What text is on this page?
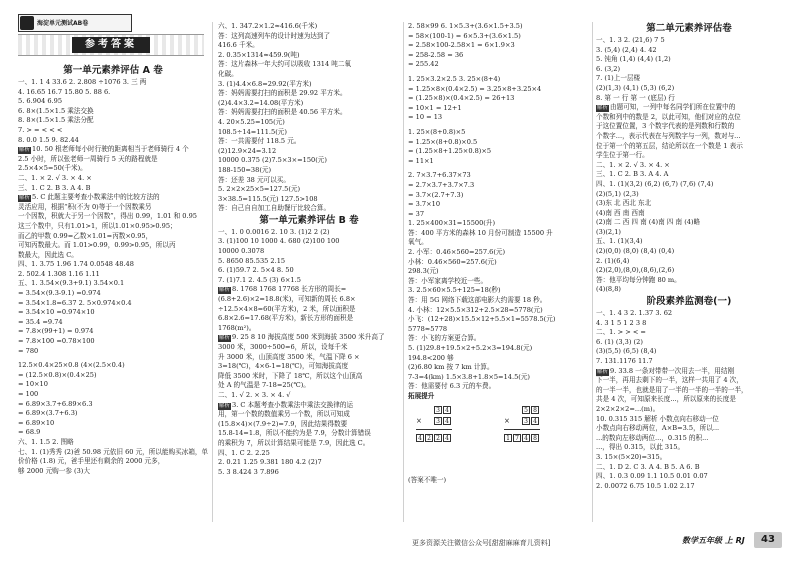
海淀单元测试AB卷
参考答案
第一单元素养评估 A 卷
一、1. 1 4 33.6 2. 2.808 ÷1076 3. 三 两
4. 16.65 16.7 15.80 5. 88 6.
5. 6.904 6.95
6. 8×(1.5×1.5 乘法交换
8. 8×(1.5×1.5 乘法分配
7. > = < < <
8. 0.0 1.5 9. 82.44
解析 10. 50 根老师每小时行驶的距离相当于老师骑行 4 个
2.5 小时，所以张老师一周骑行 5 天的路程就是
2.5×4×5=50(千米)。
二、1. × 2. √ 3. × 4. ×
三、1. C 2. B 3. A 4. B
解析 5. C 此题主要考查小数乘法中的比较方法的
灵活应用，根据“积(不为 0)等于一个因数乘另
一个因数，积就大于另一个因数”，得出 0.99，1.01 和 0.95
这三个数中，只有1.01>1，所以1.01×0.95>0.95；
而乙的甲数 0.99=乙数×1.01=丙数×0.95，
可知丙数最大。而 1.01>0.99，0.99>0.95，所以丙
数最大，因此选 C。
四、1. 3.75 1.96 1.74 0.0548 48.48
2. 502.4 1.308 1.16 1.11
五、1. 3.54×(9.3+9.1) 3.54×0.1
= 3.54×(9.3-9.1) =0.974
= 3.54×1.8=6.37 2. 5×0.974×0.4
= 3.54×10 =0.974×10
= 35.4 =9.74
= 7.8×(99+1) = 0.974
= 7.8×100 =0.78×100
= 780
12.5×0.4×25×0.8 (4×(2.5×0.4)
= (12.5×0.8)×(0.4×25)
= 10×10
= 100
= 6.89×3.7+6.89×6.3
= 6.89×(3.7+6.3)
= 6.89×10
= 68.9
六、1. 1.5 2. 图略
七、1. (1)秀秀 (2)爸 50.98 元依旧 60 元，所以能购买冰箱，单
价价格 (1.8) 元，爸手里还有剩余的 2000 元多，
够 2000 元购一参 (3)大
六、1. 347.2×1.2≈416.6(千米)
答：这列高速列车的设计时速为达到了
416.6 千米。
2. 0.35×1314≈459.9(吨)
答：这片森林一年大约可以吸收 1314 吨二氧
化碳。
3. (1)4.4×6.8=29.92(平方米)
答：妈妈需要打扫的面积是 29.92 平方米。
(2)4.4×3.2=14.08(平方米)
答：妈妈需要打扫的面积是 40.56 平方米。
4. 20×5.25=105(元)
108.5÷14=111.5(元)
答：一共需要付 118.5 元。
(2)12.9×24=3.12
10000 0.375 (2)7.5×3×=150(元)
188-150=38(元)
答：还差 38 元可以买。
5. 2×2×25×5=127.5(元)
3×38.5=115.5(元) 127.5>108
答：自己自自加工自助餐厅比较合算。
第一单元素养评估 B 卷
一、1. 0 0.0016 2. 10 3. (1)2 2 (2)
3. (1)100 10 1000 4. 680 (2)100 100
10000 0.3078
5. 8650 85.535 2.15
6. (1)59.7 2. 5×4 8. 50
7. (1)7.1 2. 4.5 (3) 6×1.5
解析 8. 1768 1768 17768 长方形的周长=
(6.8+2.6)×2=18.8(米)，可知新的周长 6.8×
÷12.5×4×8=60(平方米)，2 米，所以面积是
6.8×2.6=17.68(平方米)，新长方形的面积是
1768(m²)。
解析 9. 25 8 10 海拔高度 500 米到海拔 3500 米升高了
3000 米，3000÷500=6，所以，设每千米
升 3000 米，山顶高度 3500 米，气温下降 6 ×
3=18(℃)，4×6-1=18(℃)，可知海拔高度
降低 3500 米时，下降了 18℃，所以这个山顶高
处 A 的气温是 7-18=25(℃)。
二、1. √ 2. × 3. × 4. √
解析 3. C 本题考查小数乘法中乘法交换律的运
用，第一个数的数值乘另一个数，所以可知成
(15.8×4)×(7.9÷2)=7.9，因此结果得数要
15.8-14=1.8，所以不能约为是 7.9，分数计算错误
的乘积为 7，所以计算结果可能是 7.9，因此选 C。
四、1. C 2. 2.25
2. 0.21 1.25 9.381 180 4.2 (2)7
5. 3 8.424 3 7.896
2. 58×99 6. 1×5.3+(3.6×1.5+3.5)
= 58×(100-1) = 6×5.3+(3.6×1.5)
= 2.58×100-2.58×1 = 6×1.9×3
= 258-2.58 = 36
= 255.42
1. 25×3.2×2.5 3. 25×(8+4)
= 1.25×8×(0.4×2.5) = 3.25×8+3.25×4
= (1.25×8)×(0.4×2.5) = 26+13
= 10×1 = 12+1
= 10 = 13
1. 25×(8+0.8)×5
= 1.25×(8+0.8)×0.5
= (1.25×8+1.25×0.8)×5
= 11×1
2. 7×3.7+6.37×73
= 2.7×3.7+3.7×7.3
= 3.7×(2.7+7.3)
= 3.7×10
= 37
1. 25×400×31=15500(升)
答：400 平方米的森林 10 月份可制造 15500 升
氧气。
2. 小军：0.46×560=257.6(元)
小林：0.46×560=257.6(元)
298.3(元)
答：小军家离学校近一些。
3. 2.5×60×5.5+125=18(秒)
答：用 5G 网络下载这部电影大约需要 18 秒。
4. 小林：12×5.5×312+2.5×28=5778(元)
小飞：(12+28)×15.5×12+5.5×1=5578.5(元)
5778≈5778
答：小飞的方案更合算。
5. (1)29.8+19.5×2+5.2×3=194.8(元)
194.8<200 够
(2)6.80 km 按 7 km 计算。
7-3=4(km) 1.5×3.8+1.8×5=14.5(元)
答：他需要付 6.3 元的车费。
拓展提升
3 4
3 4
4 2 2 4
×
5 8
3 4
1 7 4 8
×
(答案不唯一)
第二单元素养评估卷
一、1. 3 2. (21,6) 7 5
3. (5,4) (2,4) 4. 42
5. 钝角 (1,4) (4,4) (1,2)
6. (3,2)
7. (1)上一层楼
(2)(1,3) (4,1) (5,3) (6,2)
8. 第 一 行 第 一 (底层) 行
解析 由题可知，一列中每名同学们所在位置中的
个数和列中的数是 2，以此可知，他们对应的点位
于这位置位置，3 个数字代表的是列数和行数的
个数字...，表示代表在与列数字与一列，数对与...
位于第一个的第五层，结论所以在一个数是 1 表示
学生位于第一行。
二、1. × 2. √ 3. × 4. ×
三、1. C 2. B 3. A 4. A
四、1. (1)(3,2) (6,2) (6,7) (7,6) (7,4)
(2)(5,1) (2,3)
(3)东 北 西北 东北
(4)南 西 南 西南
(2)南 二 西 四 南 (4)南 四 南 (4)略
(3)(2,1)
五、1. (1)(3,4)
(2)(0,0) (8,0) (8,4) (0,4)
2. (1)(6,4)
(2)(2,0),(8,0),(8,6),(2,6)
答：他平均每分钟跑 80 m。
(4)(8,8)
阶段素养监测卷(一)
一、1. 4 3 2. 1.37 3. 62
4. 3 1 5 1 2 3 8
二、1. > > < =
6. (1) (3,3) (2)
(3)(5,5) (6,5) (8,4)
7. 131.1176 11.7
解析 9. 33.8 一条对带带一次用去一半，用结刚
下一半，再用去剩下的一半，这样一共用了 4 次，
的一半一半，也就是用了一半的一半的一半的一半，
共是 4 次，可知原来长度...，所以原来的长度是
2×2×2×2=...(m)。
10. 0.315 315 解析 小数点向右移动一位
小数点向右移动两位，A×B=3.5，所以...
...的数向左移动两位...，0.315 的积...
...，得出 0.315，以此 315。
3. 15×(5×20)=315。
二、1. D 2. C 3. A 4. B 5. A 6. B
四、1. 0.3 0.09 1.1 10.5 0.01 0.07
2. 0.0072 6.75 10.5 1.02 2.17
更多资源关注微信公众号[甜甜麻麻育儿资料]	数学五年级 上 RJ	43
